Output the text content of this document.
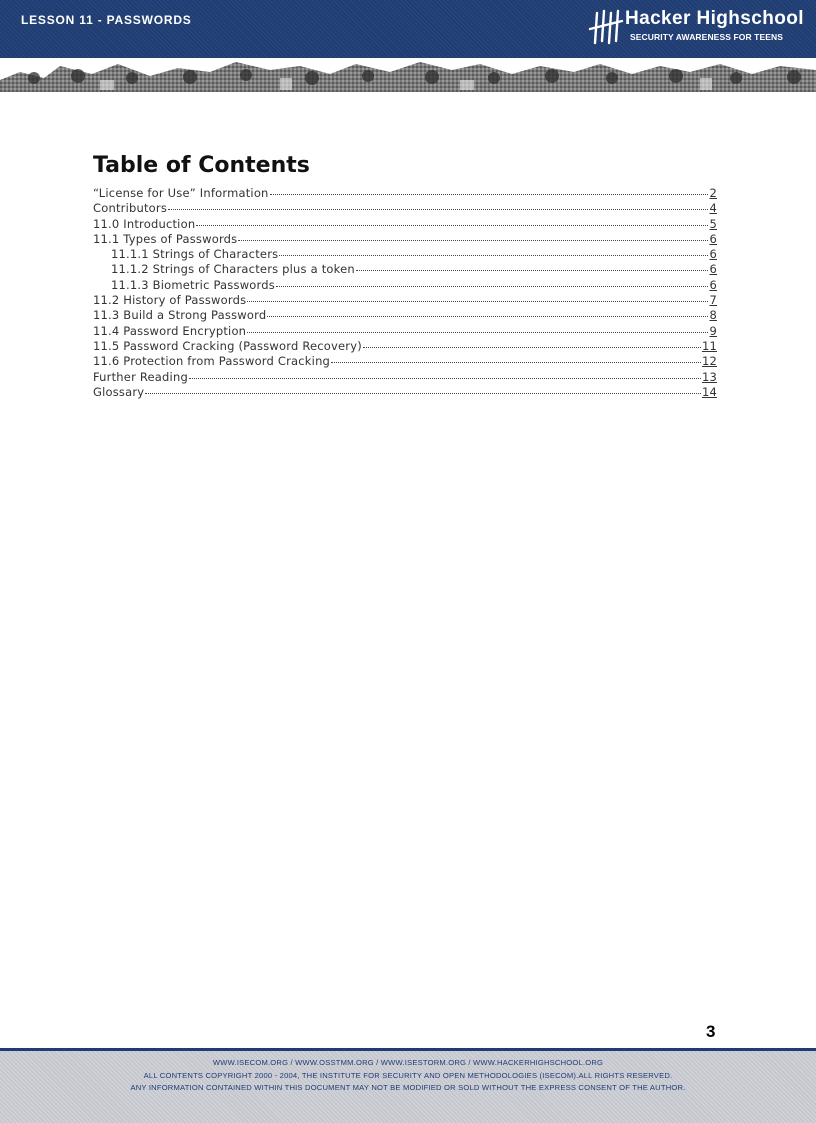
LESSON 11 - PASSWORDS	Hacker Highschool
SECURITY AWARENESS FOR TEENS
Table of Contents
“License for Use” Information	2
Contributors	4
11.0 Introduction	5
11.1 Types of Passwords	6
11.1.1 Strings of Characters	6
11.1.2 Strings of Characters plus a token	6
11.1.3 Biometric Passwords	6
11.2 History of Passwords	7
11.3 Build a Strong Password	8
11.4 Password Encryption	9
11.5 Password Cracking (Password Recovery)	11
11.6 Protection from Password Cracking	12
Further Reading	13
Glossary	14
3
WWW.ISECOM.ORG / WWW.OSSTMM.ORG / WWW.ISESTORM.ORG / WWW.HACKERHIGHSCHOOL.ORG
ALL CONTENTS COPYRIGHT 2000 - 2004, THE INSTITUTE FOR SECURITY AND OPEN METHODOLOGIES (ISECOM).ALL RIGHTS RESERVED.
ANY INFORMATION CONTAINED WITHIN THIS DOCUMENT MAY NOT BE MODIFIED OR SOLD WITHOUT THE EXPRESS CONSENT OF THE AUTHOR.
